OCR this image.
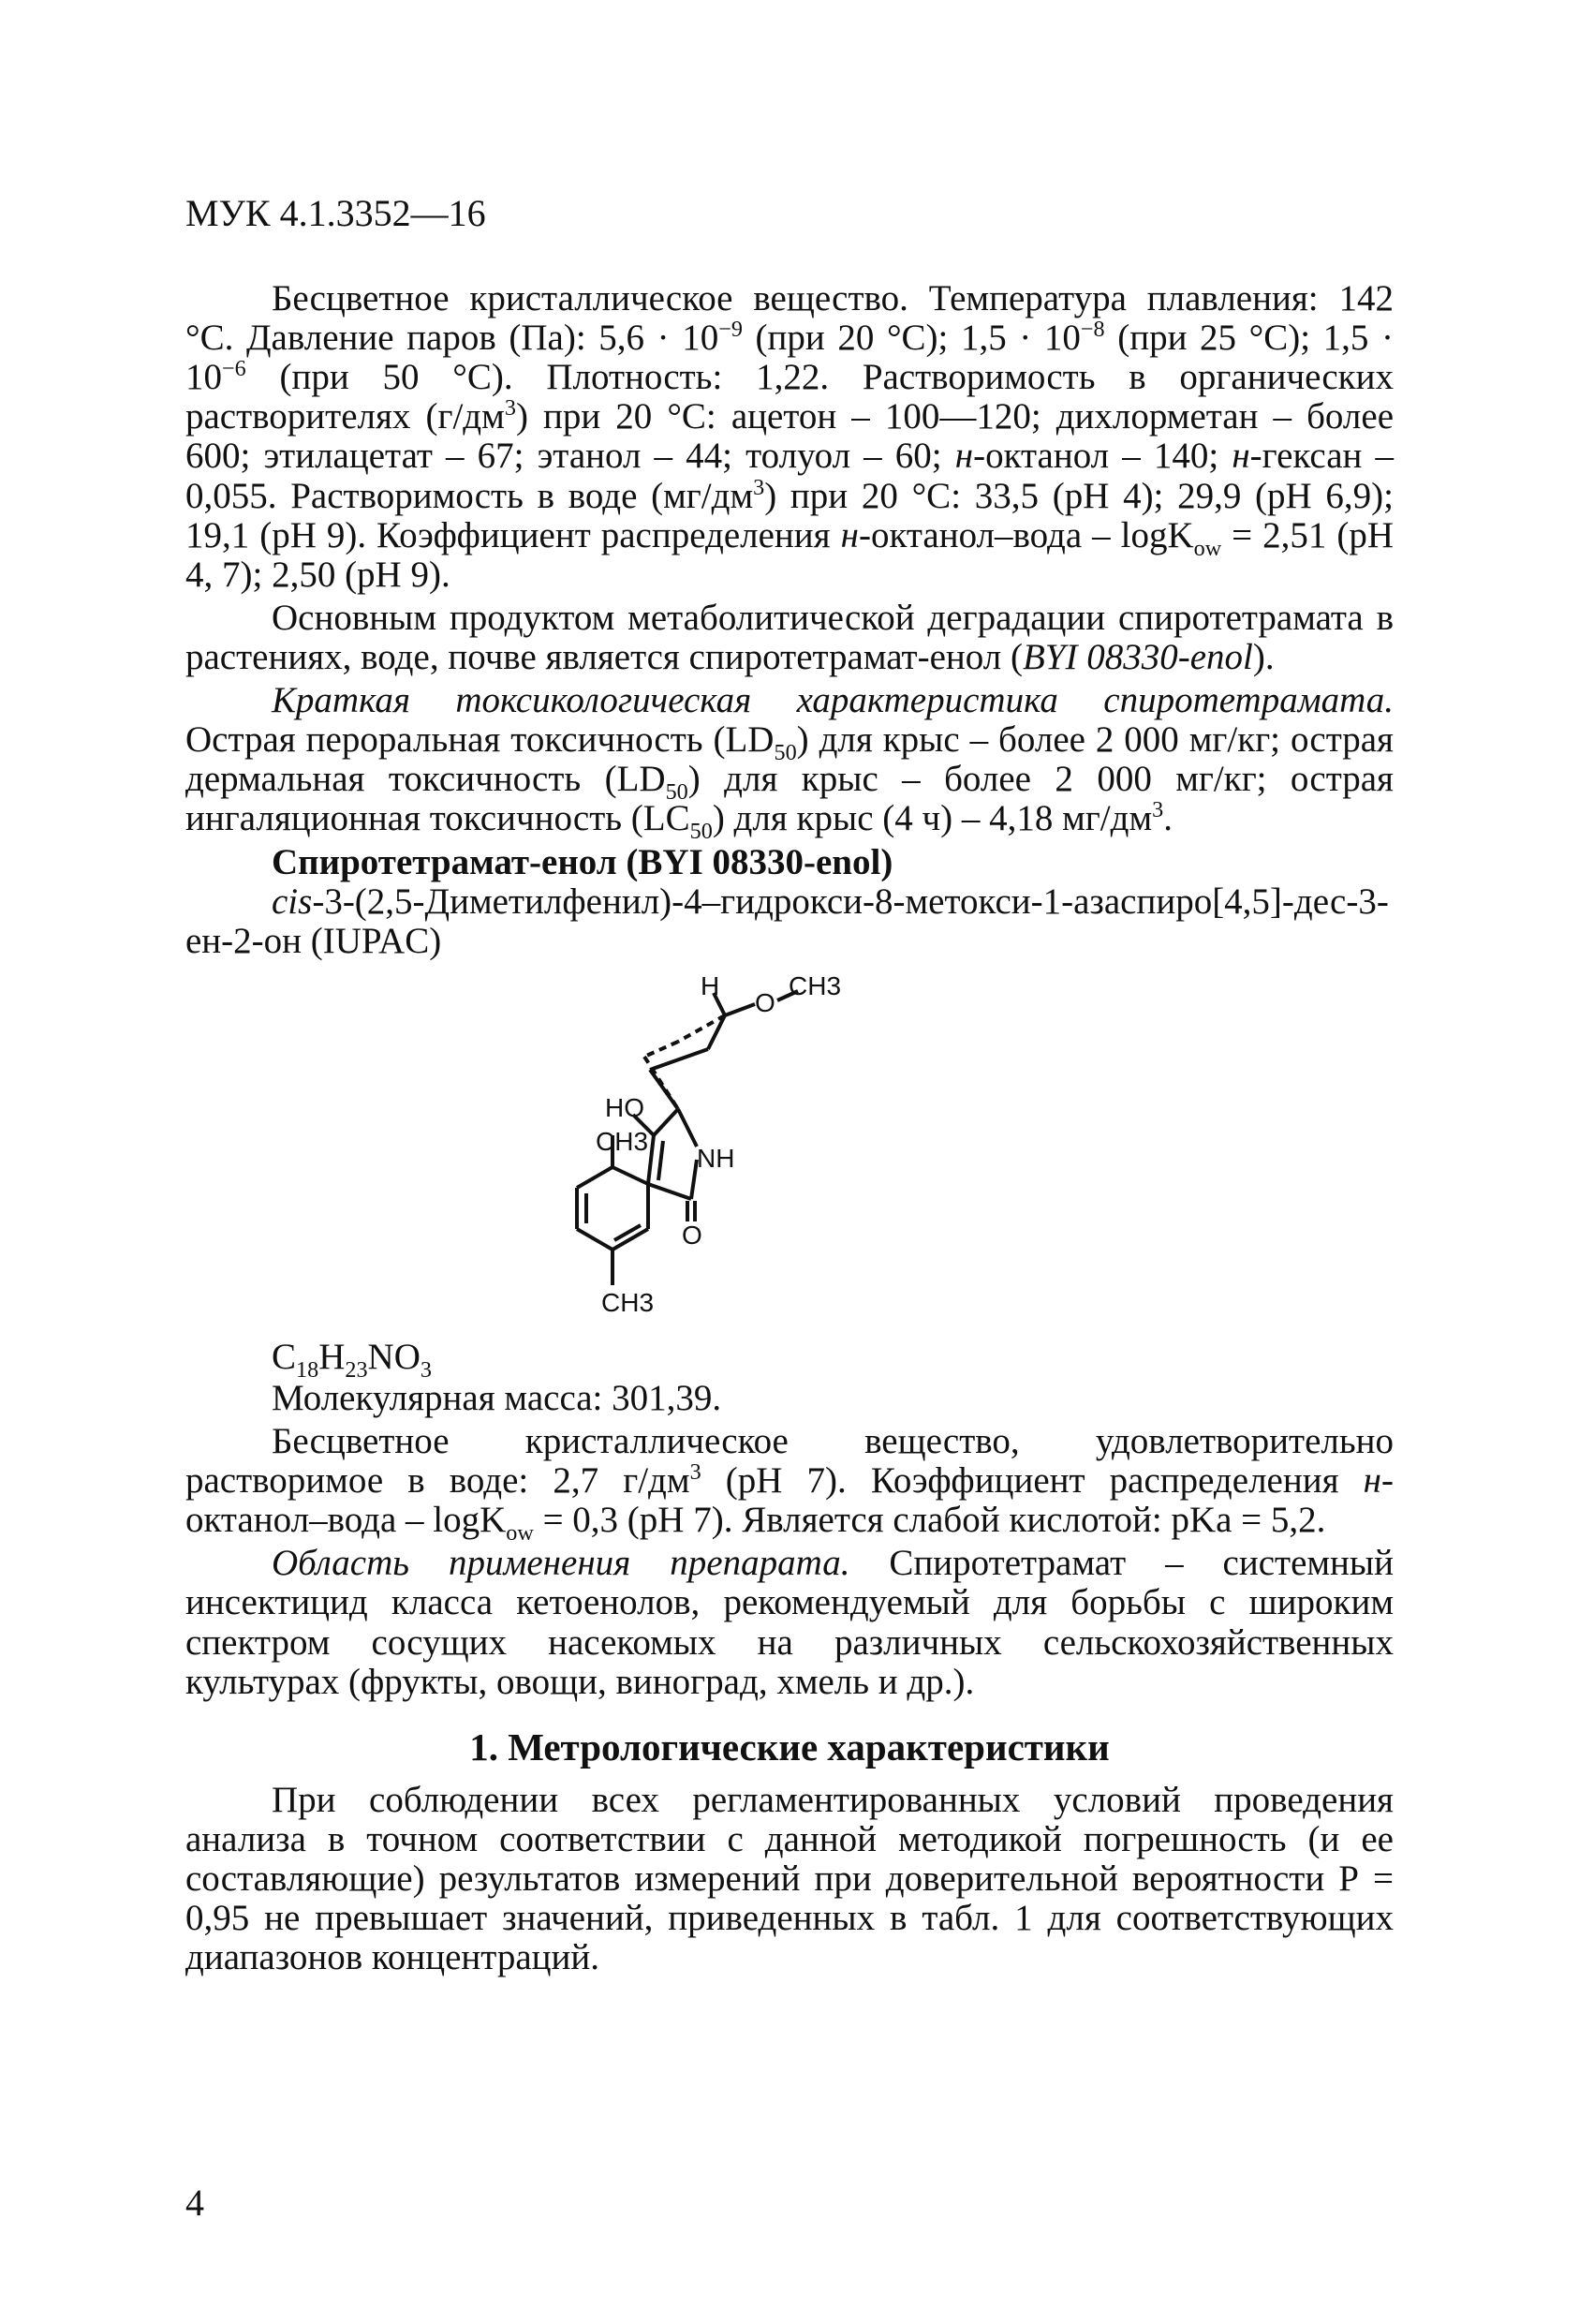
МУК 4.1.3352—16

Бесцветное кристаллическое вещество. Температура плавления: 142 °С. Давление паров (Па): $5,6 \cdot 10^{-9}$ (при 20 °С); $1,5 \cdot 10^{-8}$ (при 25 °С); $1,5 \cdot 10^{-6}$ (при 50 °С). Плотность: 1,22. Растворимость в органических растворителях $(г/дм^3)$ при 20 °С: ацетон – 100—120; дихлорметан – более 600; этилацетат – 67; этанол – 44; толуол – 60; н-октанол – 140; н-гексан – 0,055. Растворимость в воде $(мг/дм^3)$ при 20 °С: 33,5 (pH 4); 29,9 (pH 6,9); 19,1 (pH 9). Коэффициент распределения н-октанол–вода – logK$_{ow}$ = 2,51 (pH 4, 7); 2,50 (pH 9).

Основным продуктом метаболитической деградации спиротетрамата в растениях, воде, почве является спиротетрамат-енол (BYI 08330-enol).

Краткая токсикологическая характеристика спиротетрамата. Острая пероральная токсичность $(LD_{50})$ для крыс – более 2 000 мг/кг; острая дермальная токсичность $(LD_{50})$ для крыс – более 2 000 мг/кг; острая ингаляционная токсичность $(LC_{50})$ для крыс (4 ч) – 4,18 $мг/дм^3$.

Спиротетрамат-енол (BYI 08330-enol)

cis-3-(2,5-Диметилфенил)-4–гидрокси-8-метокси-1-азаспиро[4,5]-дес-3-ен-2-он (IUPAC)

H
O
CH3
HO
CH3
NH
O
CH3
$C_{18}H_{23}NO_3$

Молекулярная масса: 301,39.

Бесцветное кристаллическое вещество, удовлетворительно растворимое в воде: 2,7 $г/дм^3$ (pH 7). Коэффициент распределения н-октанол–вода – logK$_{ow}$ = 0,3 (pH 7). Является слабой кислотой: pKa = 5,2.

Область применения препарата. Спиротетрамат – системный инсектицид класса кетоенолов, рекомендуемый для борьбы с широким спектром сосущих насекомых на различных сельскохозяйственных культурах (фрукты, овощи, виноград, хмель и др.).

1. Метрологические характеристики

При соблюдении всех регламентированных условий проведения анализа в точном соответствии с данной методикой погрешность (и ее составляющие) результатов измерений при доверительной вероятности Р = 0,95 не превышает значений, приведенных в табл. 1 для соответствующих диапазонов концентраций.

4
